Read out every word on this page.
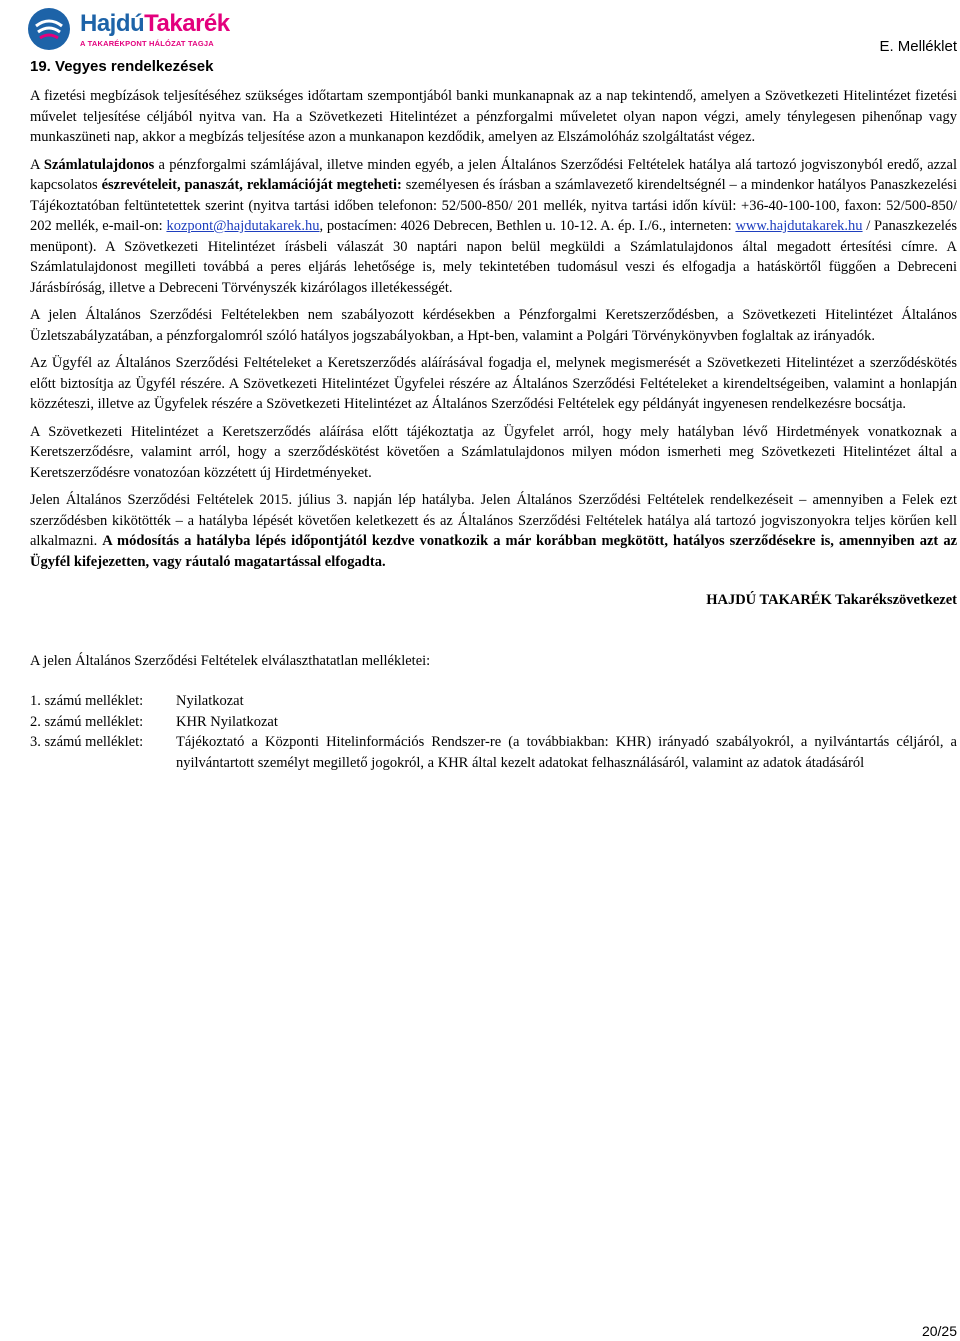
HajdúTakarék
A TAKARÉKPONT HÁLÓZAT TAGJA	E. Melléklet
19. Vegyes rendelkezések

A fizetési megbízások teljesítéséhez szükséges időtartam szempontjából banki munkanapnak az a nap tekintendő, amelyen a Szövetkezeti Hitelintézet fizetési művelet teljesítése céljából nyitva van. Ha a Szövetkezeti Hitelintézet a pénzforgalmi műveletet olyan napon végzi, amely ténylegesen pihenőnap vagy munkaszüneti nap, akkor a megbízás teljesítése azon a munkanapon kezdődik, amelyen az Elszámolóház szolgáltatást végez.

A Számlatulajdonos a pénzforgalmi számlájával, illetve minden egyéb, a jelen Általános Szerződési Feltételek hatálya alá tartozó jogviszonyból eredő, azzal kapcsolatos észrevételeit, panaszát, reklamációját megteheti: személyesen és írásban a számlavezető kirendeltségnél – a mindenkor hatályos Panaszkezelési Tájékoztatóban feltüntetettek szerint (nyitva tartási időben telefonon: 52/500-850/ 201 mellék, nyitva tartási időn kívül: +36-40-100-100, faxon: 52/500-850/ 202 mellék, e-mail-on: kozpont@hajdutakarek.hu, postacímen: 4026 Debrecen, Bethlen u. 10-12. A. ép. I./6., interneten: www.hajdutakarek.hu / Panaszkezelés menüpont). A Szövetkezeti Hitelintézet írásbeli válaszát 30 naptári napon belül megküldi a Számlatulajdonos által megadott értesítési címre. A Számlatulajdonost megilleti továbbá a peres eljárás lehetősége is, mely tekintetében tudomásul veszi és elfogadja a hatáskörtől függően a Debreceni Járásbíróság, illetve a Debreceni Törvényszék kizárólagos illetékességét.

A jelen Általános Szerződési Feltételekben nem szabályozott kérdésekben a Pénzforgalmi Keretszerződésben, a Szövetkezeti Hitelintézet Általános Üzletszabályzatában, a pénzforgalomról szóló hatályos jogszabályokban, a Hpt-ben, valamint a Polgári Törvénykönyvben foglaltak az irányadók.

Az Ügyfél az Általános Szerződési Feltételeket a Keretszerződés aláírásával fogadja el, melynek megismerését a Szövetkezeti Hitelintézet a szerződéskötés előtt biztosítja az Ügyfél részére. A Szövetkezeti Hitelintézet Ügyfelei részére az Általános Szerződési Feltételeket a kirendeltségeiben, valamint a honlapján közzéteszi, illetve az Ügyfelek részére a Szövetkezeti Hitelintézet az Általános Szerződési Feltételek egy példányát ingyenesen rendelkezésre bocsátja.

A Szövetkezeti Hitelintézet a Keretszerződés aláírása előtt tájékoztatja az Ügyfelet arról, hogy mely hatályban lévő Hirdetmények vonatkoznak a Keretszerződésre, valamint arról, hogy a szerződéskötést követően a Számlatulajdonos milyen módon ismerheti meg Szövetkezeti Hitelintézet által a Keretszerződésre vonatozóan közzétett új Hirdetményeket.

Jelen Általános Szerződési Feltételek 2015. július 3. napján lép hatályba. Jelen Általános Szerződési Feltételek rendelkezéseit – amennyiben a Felek ezt szerződésben kikötötték – a hatályba lépését követően keletkezett és az Általános Szerződési Feltételek hatálya alá tartozó jogviszonyokra teljes körűen kell alkalmazni. A módosítás a hatályba lépés időpontjától kezdve vonatkozik a már korábban megkötött, hatályos szerződésekre is, amennyiben azt az Ügyfél kifejezetten, vagy ráutaló magatartással elfogadta.

HAJDÚ TAKARÉK Takarékszövetkezet
A jelen Általános Szerződési Feltételek elválaszthatatlan mellékletei:
1. számú melléklet:	Nyilatkozat
2. számú melléklet:	KHR Nyilatkozat
3. számú melléklet:	Tájékoztató a Központi Hitelinformációs Rendszer-re (a továbbiakban: KHR) irányadó szabályokról, a nyilvántartás céljáról, a nyilvántartott személyt megillető jogokról, a KHR által kezelt adatokat felhasználásáról, valamint az adatok átadásáról
20/25
